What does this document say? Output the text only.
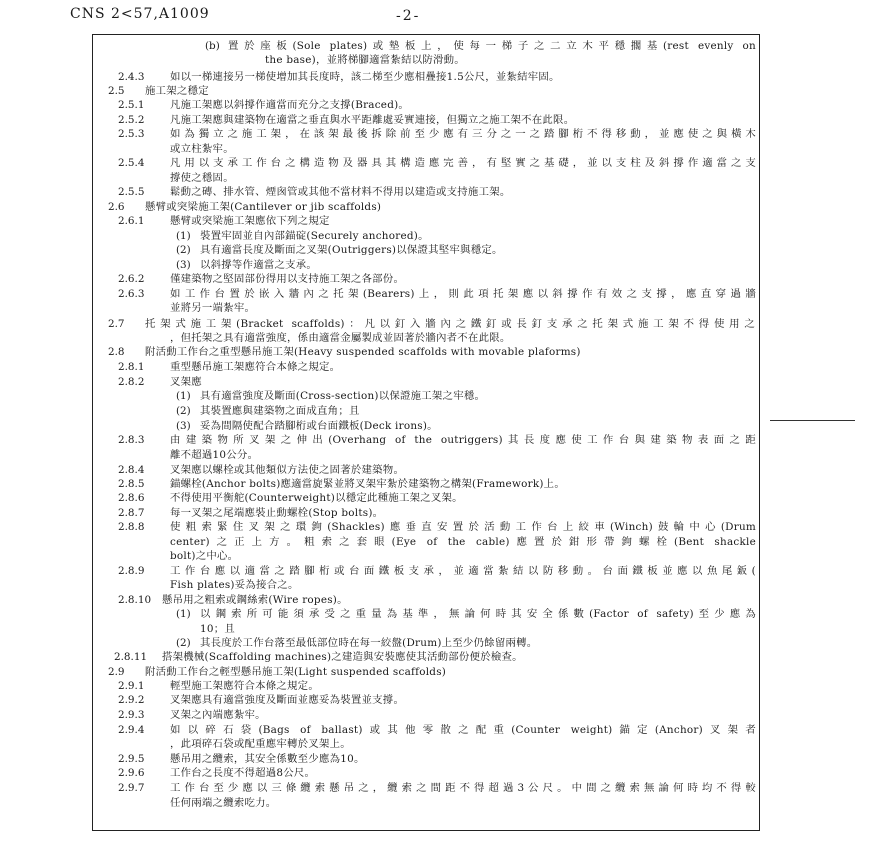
CNS 2<57,A1009	-2-
(b) 置於座板(Sole plates)或墊板上，使每一梯子之二立木平穩擱基(rest evenly on
the base)，並將梯腳適當紮結以防滑動。
2.4.3 如以一梯連接另一梯使增加其長度時，該二梯至少應相疊接1.5公尺，並紮結牢固。
2.5 施工架之穩定
2.5.1 凡施工架應以斜撐作適當而充分之支撐(Braced)。
2.5.2 凡施工架應與建築物在適當之垂直與水平距離處妥實連接，但獨立之施工架不在此限。
2.5.3 如為獨立之施工架，在該架最後拆除前至少應有三分之一之踏腳桁不得移動，並應使之與橫木
或立柱紮牢。
2.5.4 凡用以支承工作台之構造物及器具其構造應完善，有堅實之基礎，並以支柱及斜撐作適當之支
撐使之穩固。
2.5.5 鬆動之磚、排水管、煙囪管或其他不當材料不得用以建造或支持施工架。
2.6 懸臂或突梁施工架(Cantilever or jib scaffolds)
2.6.1 懸臂或突梁施工架應依下列之規定
(1) 裝置牢固並自內部錨碇(Securely anchored)。
(2) 具有適當長度及斷面之叉架(Outriggers)以保證其堅牢與穩定。
(3) 以斜撐等作適當之支承。
2.6.2 僅建築物之堅固部份得用以支持施工架之各部份。
2.6.3 如工作台置於嵌入牆內之托架(Bearers)上，則此項托架應以斜撐作有效之支撐，應直穿過牆
並將另一端紮牢。
2.7 托架式施工架(Bracket scaffolds)：凡以釘入牆內之鐵釘或長釘支承之托架式施工架不得使用之
，但托架之具有適當強度，係由適當金屬製成並固著於牆內者不在此限。
2.8 附活動工作台之重型懸吊施工架(Heavy suspended scaffolds with movable plaforms)
2.8.1 重型懸吊施工架應符合本條之規定。
2.8.2 叉架應
(1) 具有適當強度及斷面(Cross-section)以保證施工架之牢穩。
(2) 其裝置應與建築物之面成直角；且
(3) 妥為間隔使配合踏腳桁或台面鐵板(Deck irons)。
2.8.3 由建築物所叉架之伸出(Overhang of the outriggers)其長度應使工作台與建築物表面之距
離不超過10公分。
2.8.4 叉架應以螺栓或其他類似方法使之固著於建築物。
2.8.5 錨螺栓(Anchor bolts)應適當旋緊並將叉架牢紮於建築物之構架(Framework)上。
2.8.6 不得使用平衡舵(Counterweight)以穩定此種施工架之叉架。
2.8.7 每一叉架之尾端應裝止動螺栓(Stop bolts)。
2.8.8 使粗索緊住叉架之環鉤(Shackles)應垂直安置於活動工作台上絞車(Winch)鼓輪中心(Drum
center)之正上方。粗索之套眼(Eye of the cable)應置於鉗形帶鉤螺栓(Bent shackle
bolt)之中心。
2.8.9 工作台應以適當之踏腳桁或台面鐵板支承，並適當紮結以防移動。台面鐵板並應以魚尾鈑(
Fish plates)妥為接合之。
2.8.10 懸吊用之粗索或鋼絲索(Wire ropes)。
(1) 以鋼索所可能須承受之重量為基準，無論何時其安全係數(Factor of safety)至少應為
10；且
(2) 其長度於工作台落至最低部位時在每一絞盤(Drum)上至少仍餘留兩轉。
2.8.11 搭架機械(Scaffolding machines)之建造與安裝應使其活動部份便於檢查。
2.9 附活動工作台之輕型懸吊施工架(Light suspended scaffolds)
2.9.1 輕型施工架應符合本條之規定。
2.9.2 叉架應具有適當強度及斷面並應妥為裝置並支撐。
2.9.3 叉架之內端應紮牢。
2.9.4 如以碎石袋(Bags of ballast)或其他零散之配重(Counter weight)錨定(Anchor)叉架者
，此項碎石袋或配重應牢轉於叉架上。
2.9.5 懸吊用之纜索，其安全係數至少應為10。
2.9.6 工作台之長度不得超過8公尺。
2.9.7 工作台至少應以三條纜索懸吊之，纜索之間距不得超過3公尺。中間之纜索無論何時均不得較
任何兩端之纜索吃力。
